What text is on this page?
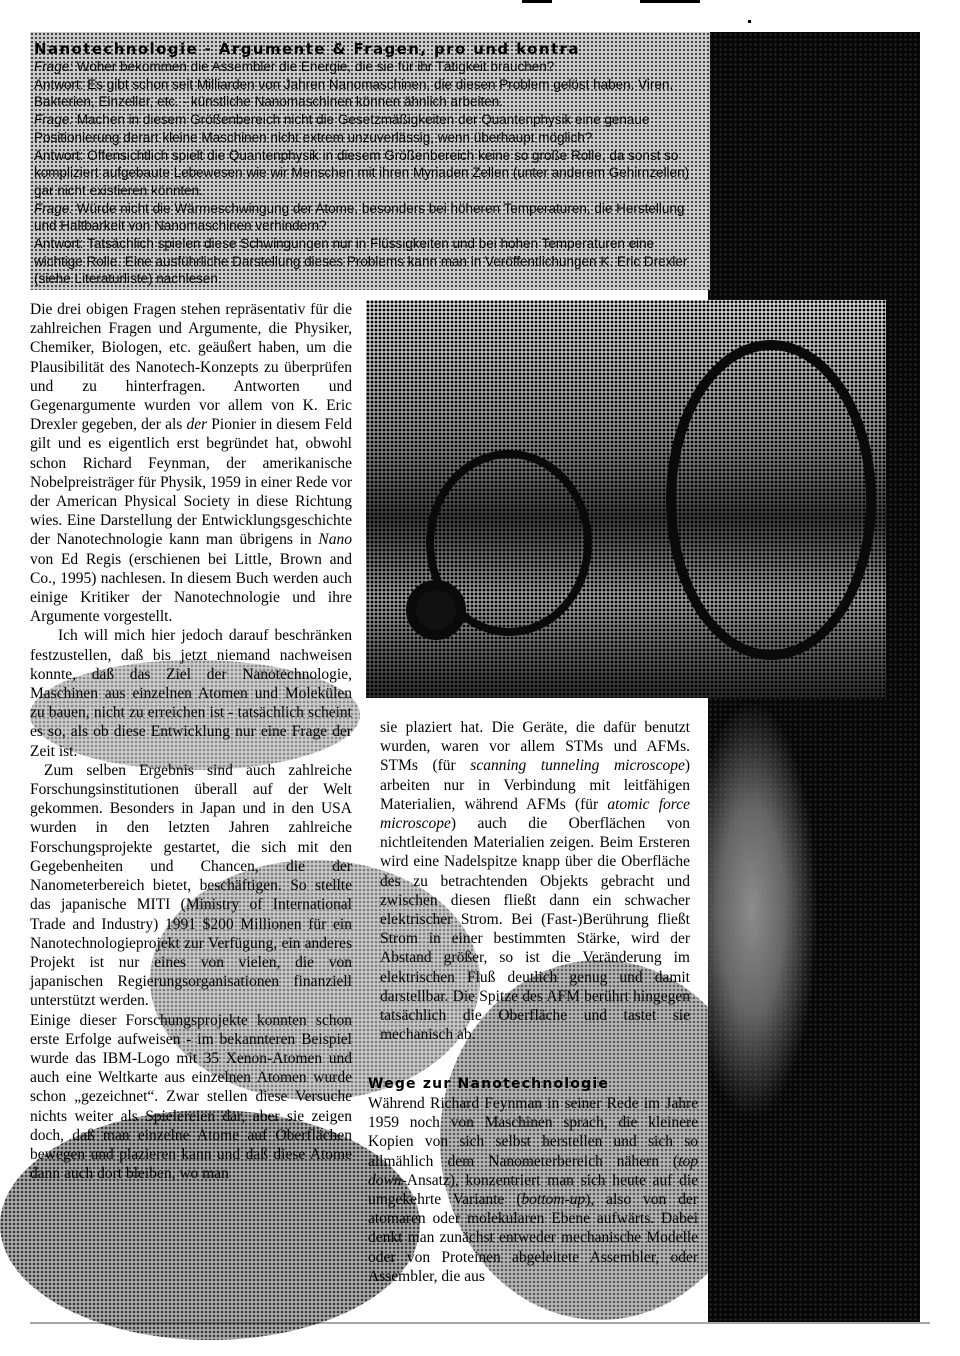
Nanotechnologie - Argumente & Fragen, pro und kontra

Frage: Woher bekommen die Assembler die Energie, die sie für ihr Tätigkeit brauchen?

Antwort: Es gibt schon seit Milliarden von Jahren Nanomaschinen, die diesen Problem gelöst haben. Viren, Bakterien, Einzeller, etc. - künstliche Nanomaschinen können ähnlich arbeiten.

Frage: Machen in diesem Größenbereich nicht die Gesetzmäßigkeiten der Quantenphysik eine genaue Positionierung derart kleine Maschinen nicht extrem unzuverlässig, wenn überhaupt möglich?

Antwort: Offensichtlich spielt die Quantenphysik in diesem Größenbereich keine so große Rolle, da sonst so kompliziert aufgebaute Lebewesen wie wir Menschen mit ihren Myriaden Zellen (unter anderem Gehirnzellen) gar nicht existieren könnten.

Frage: Würde nicht die Wärmeschwingung der Atome, besonders bei höheren Temperaturen, die Herstellung und Haltbarkeit von Nanomaschinen verhindern?

Antwort: Tatsächlich spielen diese Schwingungen nur in Flüssigkeiten und bei hohen Temperaturen eine wichtige Rolle. Eine ausführliche Darstellung dieses Problems kann man in Veröffentlichungen K. Eric Drexler (siehe Literaturliste) nachlesen.

Die drei obigen Fragen stehen repräsentativ für die zahlreichen Fragen und Argumente, die Physiker, Chemiker, Biologen, etc. geäußert haben, um die Plausibilität des Nanotech-Konzepts zu überprüfen und zu hinterfragen. Antworten und Gegenargumente wurden vor allem von K. Eric Drexler gegeben, der als der Pionier in diesem Feld gilt und es eigentlich erst begründet hat, obwohl schon Richard Feynman, der amerikanische Nobelpreisträger für Physik, 1959 in einer Rede vor der American Physical Society in diese Richtung wies. Eine Darstellung der Entwicklungsgeschichte der Nanotechnologie kann man übrigens in Nano von Ed Regis (erschienen bei Little, Brown and Co., 1995) nachlesen. In diesem Buch werden auch einige Kritiker der Nanotechnologie und ihre Argumente vorgestellt.

Ich will mich hier jedoch darauf beschränken festzustellen, daß bis jetzt niemand nachweisen konnte, daß das Ziel der Nanotechnologie, Maschinen aus einzelnen Atomen und Molekülen zu bauen, nicht zu erreichen ist - tatsächlich scheint es so, als ob diese Entwicklung nur eine Frage der Zeit ist.

Zum selben Ergebnis sind auch zahlreiche Forschungsinstitutionen überall auf der Welt gekommen. Besonders in Japan und in den USA wurden in den letzten Jahren zahlreiche Forschungsprojekte gestartet, die sich mit den Gegebenheiten und Chancen, die der Nanometerbereich bietet, beschäftigen. So stellte das japanische MITI (Ministry of International Trade and Industry) 1991 $200 Millionen für ein Nanotechnologieprojekt zur Verfügung, ein anderes Projekt ist nur eines von vielen, die von japanischen Regierungsorganisationen finanziell unterstützt werden.

Einige dieser Forschungsprojekte konnten schon erste Erfolge aufweisen - im bekannteren Beispiel wurde das IBM-Logo mit 35 Xenon-Atomen und auch eine Weltkarte aus einzelnen Atomen wurde schon „gezeichnet“. Zwar stellen diese Versuche nichts weiter als Spielereien dar, aber sie zeigen doch, daß man einzelne Atome auf Oberflächen bewegen und plazieren kann und daß diese Atome dann auch dort bleiben, wo man

sie plaziert hat. Die Geräte, die dafür benutzt wurden, waren vor allem STMs und AFMs. STMs (für scanning tunneling microscope) arbeiten nur in Verbindung mit leitfähigen Materialien, während AFMs (für atomic force microscope) auch die Oberflächen von nichtleitenden Materialien zeigen. Beim Ersteren wird eine Nadelspitze knapp über die Oberfläche des zu betrachtenden Objekts gebracht und zwischen diesen fließt dann ein schwacher elektrischer Strom. Bei (Fast-)Berührung fließt Strom in einer bestimmten Stärke, wird der Abstand größer, so ist die Veränderung im elektrischen Fluß deutlich genug und damit darstellbar. Die Spitze des AFM berührt hingegen tatsächlich die Oberfläche und tastet sie mechanisch ab.

Wege zur Nanotechnologie

Während Richard Feynman in seiner Rede im Jahre 1959 noch von Maschinen sprach, die kleinere Kopien von sich selbst herstellen und sich so allmählich dem Nanometerbereich nähern (top down-Ansatz), konzentriert man sich heute auf die umgekehrte Variante (bottom-up), also von der atomaren oder molekularen Ebene aufwärts. Dabei denkt man zunächst entweder mechanische Modelle oder von Proteinen abgeleitete Assembler, oder Assembler, die aus
